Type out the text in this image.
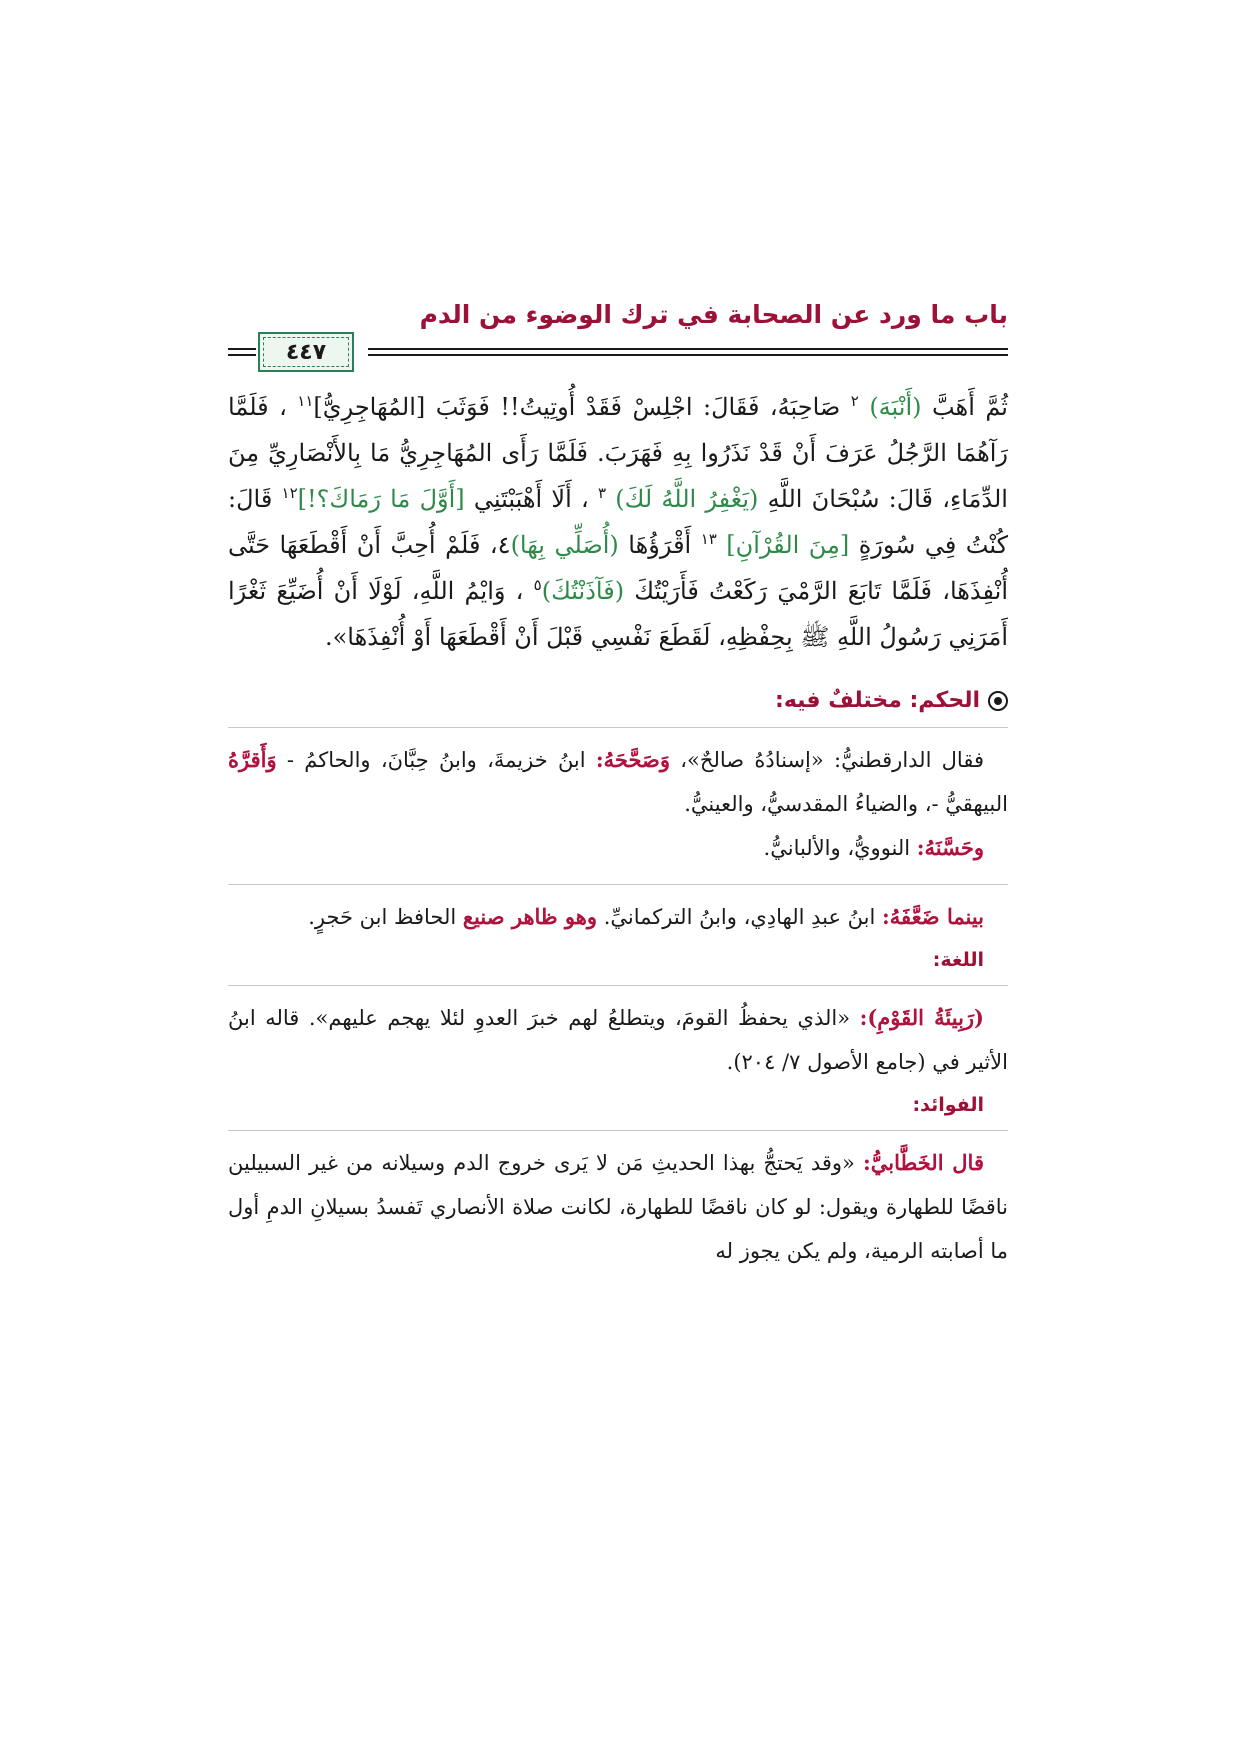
باب ما ورد عن الصحابة في ترك الوضوء من الدم
٤٤٧

ثُمَّ أَهَبَّ (أَنْبَهَ) $^٢$ صَاحِبَهُ، فَقَالَ: اجْلِسْ فَقَدْ أُوتِيتُ!! فَوَثَبَ [المُهَاجِرِيُّ]$^{١١}$ ، فَلَمَّا رَآهُمَا الرَّجُلُ عَرَفَ أَنْ قَدْ نَذَرُوا بِهِ فَهَرَبَ. فَلَمَّا رَأَى المُهَاجِرِيُّ مَا بِالأَنْصَارِيِّ مِنَ الدِّمَاءِ، قَالَ: سُبْحَانَ اللَّهِ (يَغْفِرُ اللَّهُ لَكَ) $^٣$ ، أَلَا أَهْبَبْتَنِي [أَوَّلَ مَا رَمَاكَ؟!]$^{١٢}$ قَالَ: كُنْتُ فِي سُورَةٍ [مِنَ القُرْآنِ] $^{١٣}$ أَقْرَؤُهَا (أُصَلِّي بِهَا)٤، فَلَمْ أُحِبَّ أَنْ أَقْطَعَهَا حَتَّى أُنْفِذَهَا، فَلَمَّا تَابَعَ الرَّمْيَ رَكَعْتُ فَأَرَيْتُكَ (فَآذَنْتُكَ)$^٥$ ، وَايْمُ اللَّهِ، لَوْلَا أَنْ أُضَيِّعَ ثَغْرًا أَمَرَنِي رَسُولُ اللَّهِ ﷺ بِحِفْظِهِ، لَقَطَعَ نَفْسِي قَبْلَ أَنْ أَقْطَعَهَا أَوْ أُنْفِذَهَا».

الحكم: مختلفٌ فيه:

فقال الدارقطنيُّ: «إسنادُهُ صالحٌ»، وَصَحَّحَهُ: ابنُ خزيمةَ، وابنُ حِبَّانَ، والحاكمُ - وَأَقرَّهُ البيهقيُّ -، والضياءُ المقدسيُّ، والعينيُّ.

وحَسَّنَهُ: النوويُّ، والألبانيُّ.

بينما ضَعَّفَهُ: ابنُ عبدِ الهادِي، وابنُ التركمانيِّ. وهو ظاهر صنيع الحافظ ابن حَجرٍ.

اللغة:

(رَبِيئَةُ القَوْمِ): «الذي يحفظُ القومَ، ويتطلعُ لهم خبرَ العدوِ لئلا يهجم عليهم». قاله ابنُ الأثير في (جامع الأصول ٧/ ٢٠٤).

الفوائد:

قال الخَطَّابيُّ: «وقد يَحتجُّ بهذا الحديثِ مَن لا يَرى خروج الدم وسيلانه من غير السبيلين ناقضًا للطهارة ويقول: لو كان ناقضًا للطهارة، لكانت صلاة الأنصاري تَفسدُ بسيلانِ الدمِ أول ما أصابته الرمية، ولم يكن يجوز له
